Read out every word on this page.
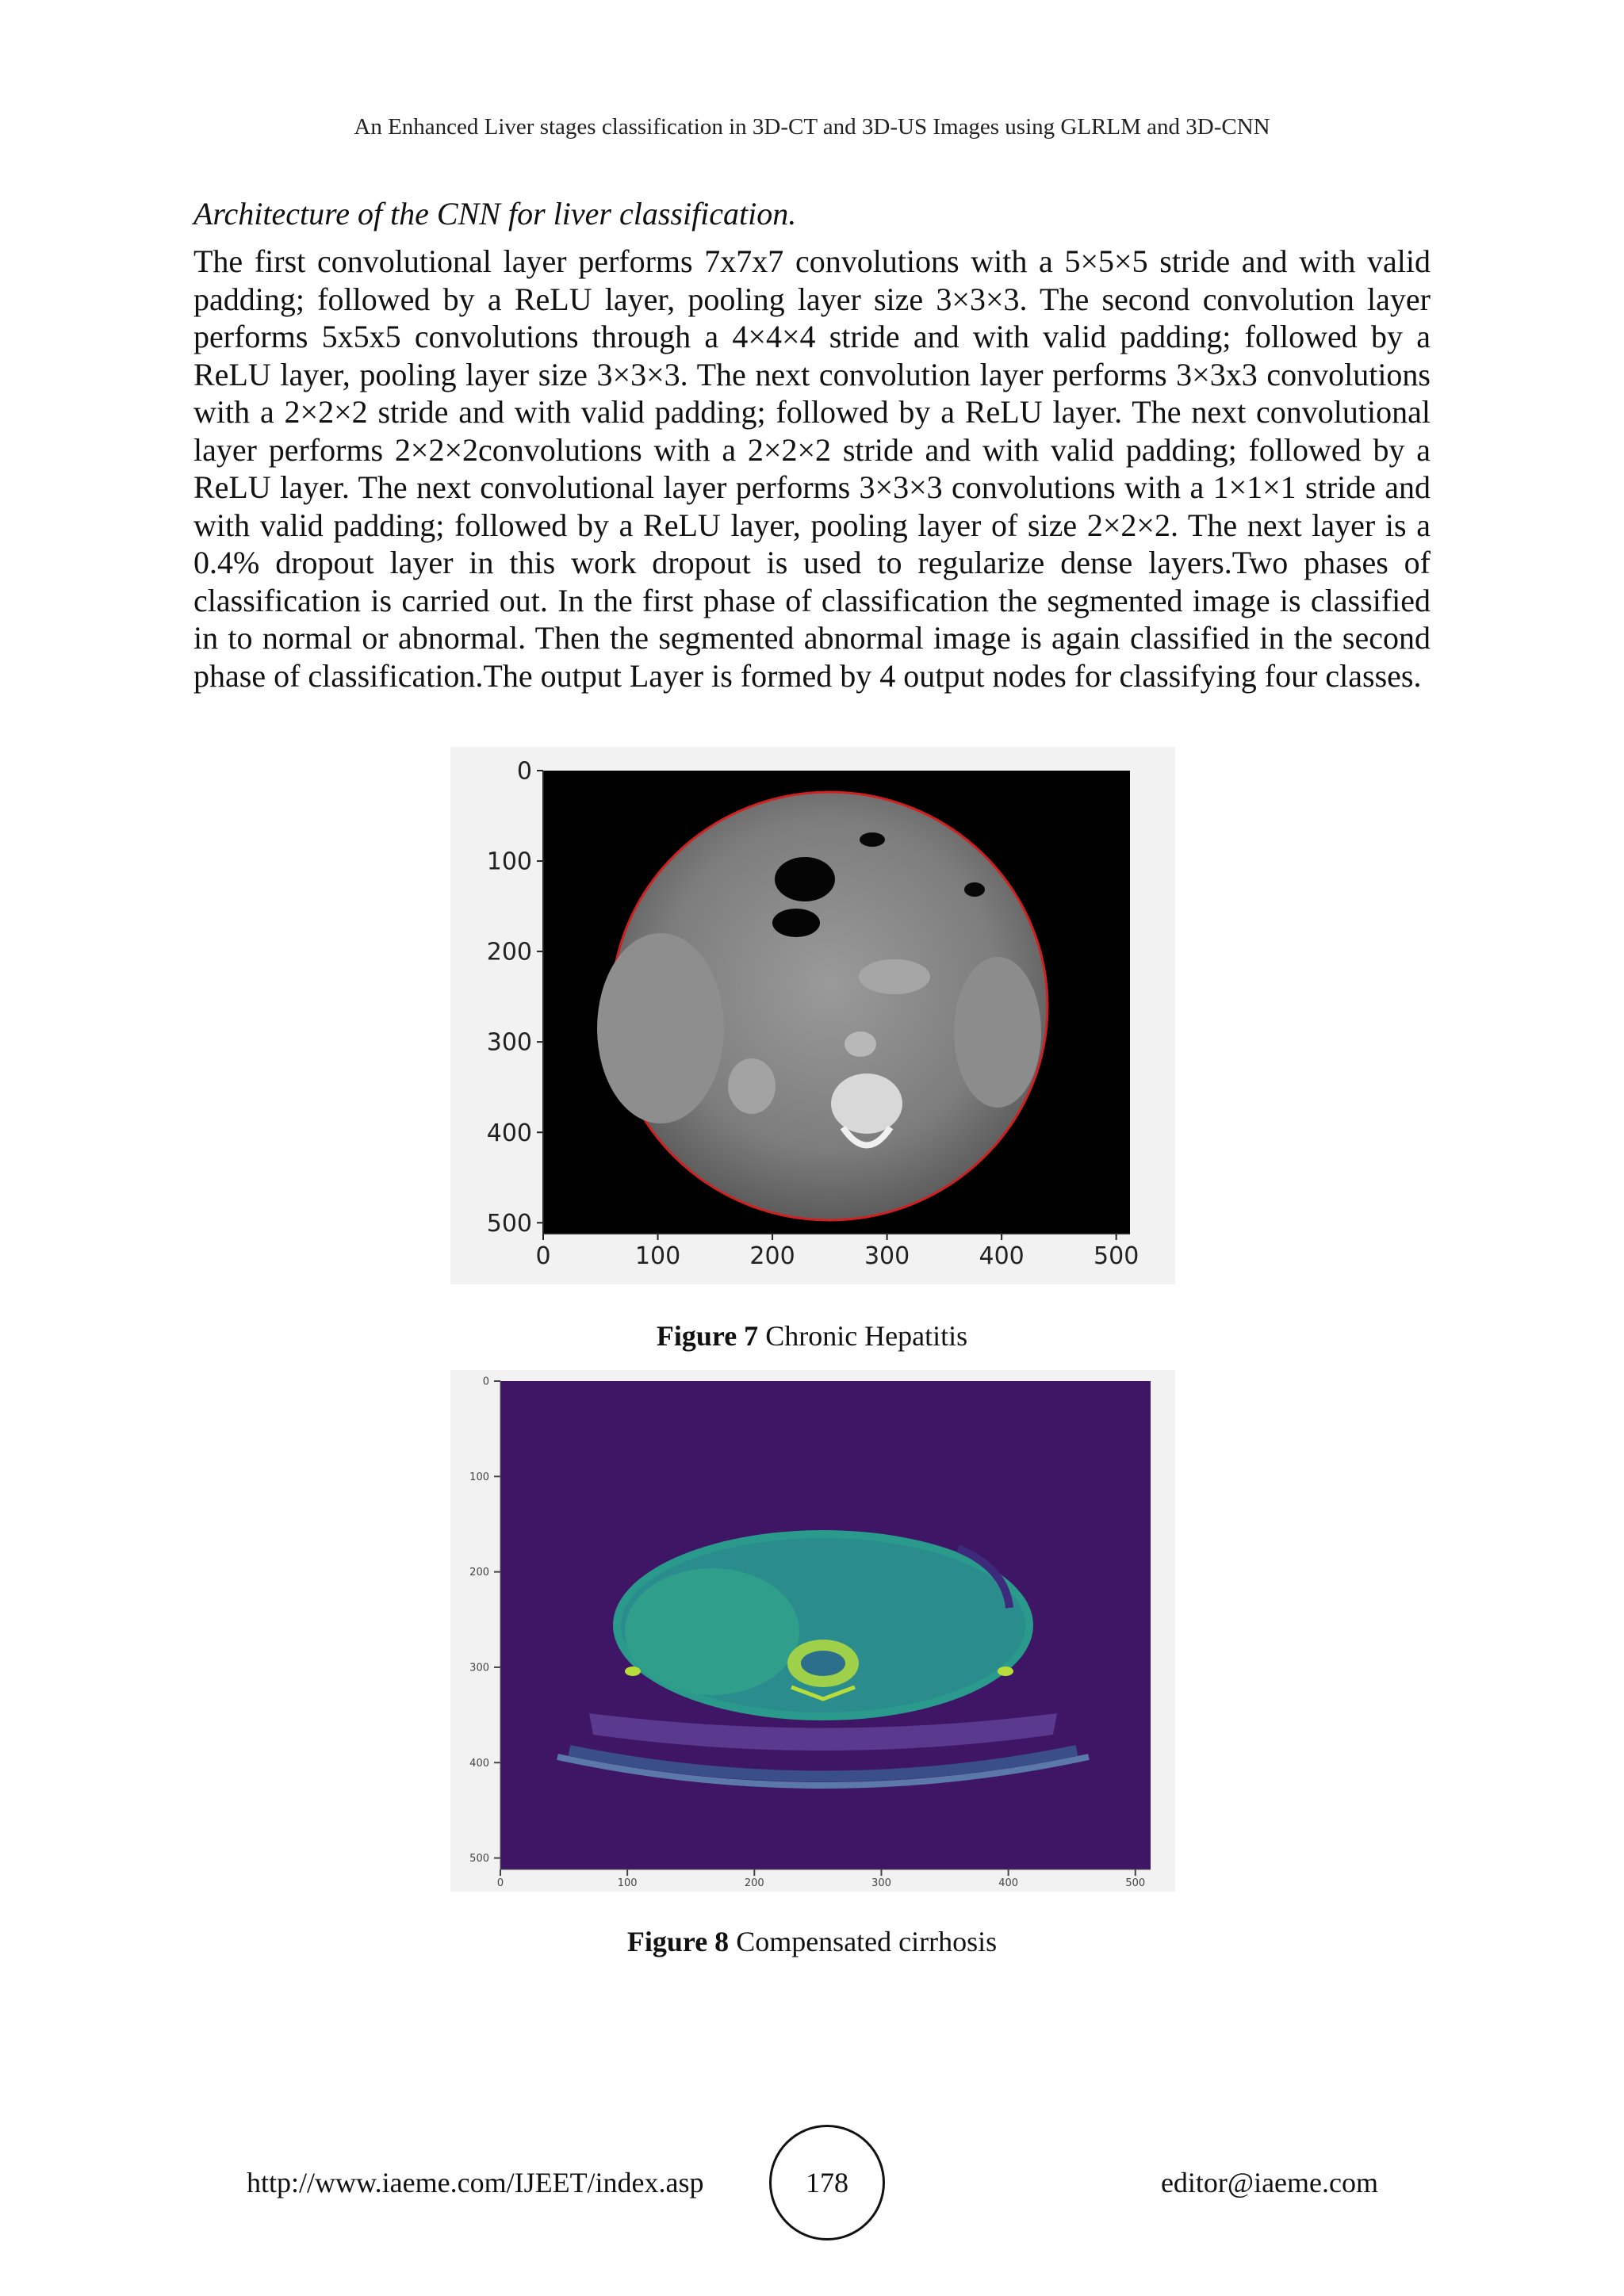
An Enhanced Liver stages classification in 3D-CT and 3D-US Images using GLRLM and 3D-CNN
Architecture of the CNN for liver classification.

The first convolutional layer performs 7x7x7 convolutions with a 5×5×5 stride and with valid padding; followed by a ReLU layer, pooling layer size 3×3×3. The second convolution layer performs 5x5x5 convolutions through a 4×4×4 stride and with valid padding; followed by a ReLU layer, pooling layer size 3×3×3. The next convolution layer performs 3×3x3 convolutions with a 2×2×2 stride and with valid padding; followed by a ReLU layer. The next convolutional layer performs 2×2×2convolutions with a 2×2×2 stride and with valid padding; followed by a ReLU layer. The next convolutional layer performs 3×3×3 convolutions with a 1×1×1 stride and with valid padding; followed by a ReLU layer, pooling layer of size 2×2×2. The next layer is a 0.4% dropout layer in this work dropout is used to regularize dense layers.Two phases of classification is carried out. In the first phase of classification the segmented image is classified in to normal or abnormal. Then the segmented abnormal image is again classified in the second phase of classification.The output Layer is formed by 4 output nodes for classifying four classes.

0
100
200
300
400
500
0	100	200	300	400	500
Figure 7 Chronic Hepatitis
0
100
200
300
400
500
0	100	200	300	400	500
Figure 8 Compensated cirrhosis
http://www.iaeme.com/IJEET/index.asp	178	editor@iaeme.com
